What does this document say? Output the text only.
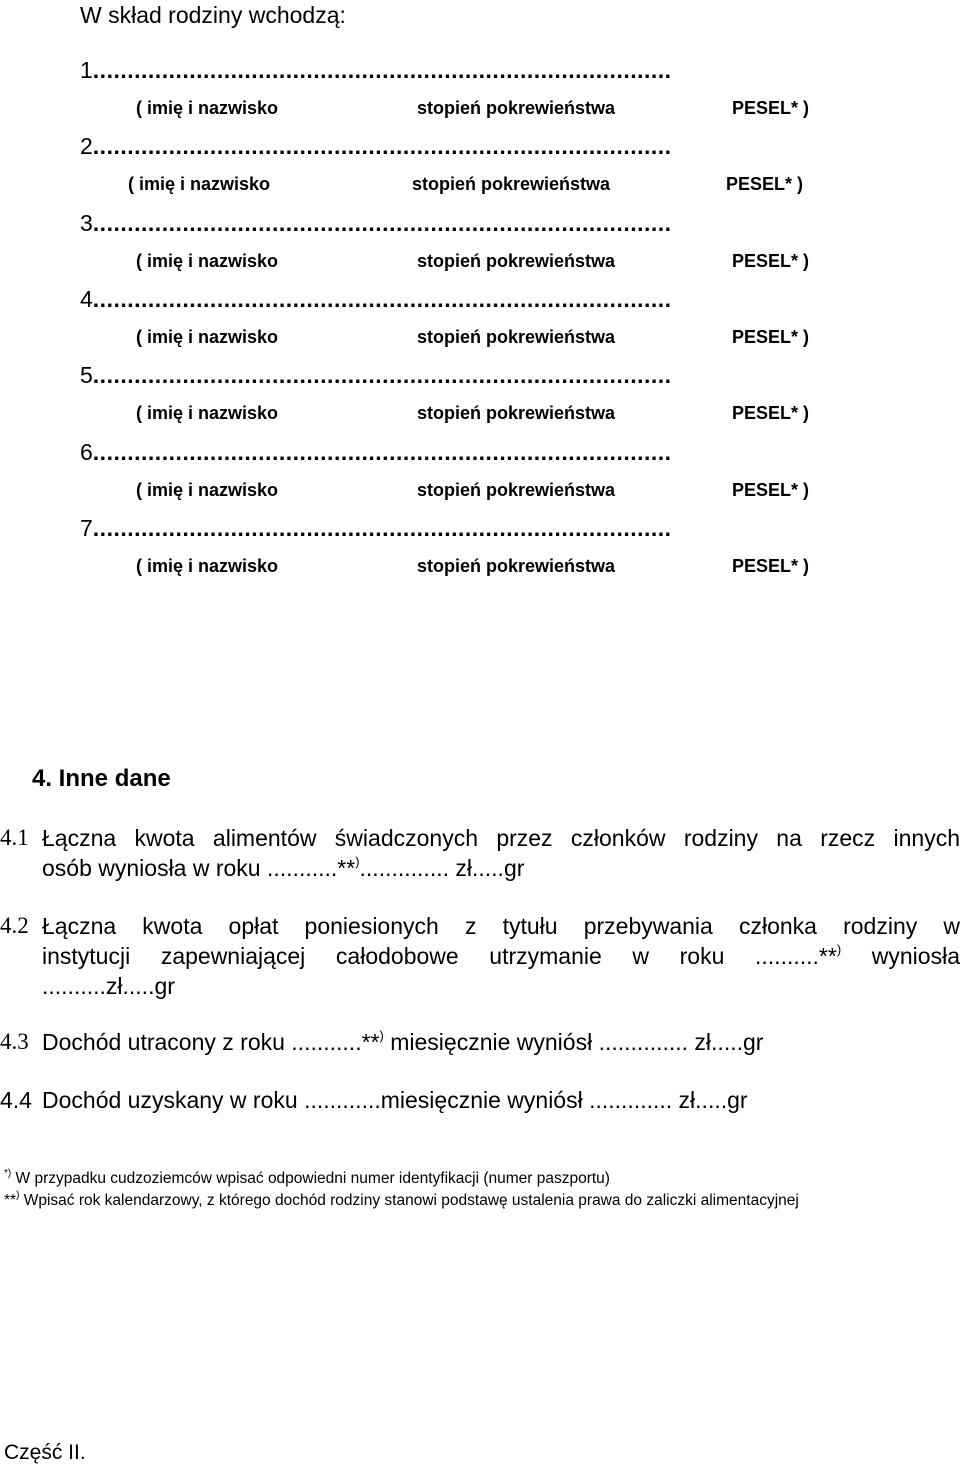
W skład rodziny wchodzą:
1....................................................................................
( imię i nazwisko	stopień pokrewieństwa	PESEL* )
2....................................................................................
( imię i nazwisko	stopień pokrewieństwa	PESEL* )
3....................................................................................
( imię i nazwisko	stopień pokrewieństwa	PESEL* )
4....................................................................................
( imię i nazwisko	stopień pokrewieństwa	PESEL* )
5....................................................................................
( imię i nazwisko	stopień pokrewieństwa	PESEL* )
6....................................................................................
( imię i nazwisko	stopień pokrewieństwa	PESEL* )
7....................................................................................
( imię i nazwisko	stopień pokrewieństwa	PESEL* )
4. Inne dane
4.1 Łączna kwota alimentów świadczonych przez członków rodziny na rzecz innych
osób wyniosła w roku ...........**).............. zł.....gr
4.2 Łączna kwota opłat poniesionych z tytułu przebywania członka rodziny w
instytucji zapewniającej całodobowe utrzymanie w roku ..........**) wyniosła
..........zł.....gr
4.3 Dochód utracony z roku ...........**) miesięcznie wyniósł .............. zł.....gr
4.4 Dochód uzyskany w roku ............miesięcznie wyniósł ............. zł.....gr
*) W przypadku cudzoziemców wpisać odpowiedni numer identyfikacji (numer paszportu)
**) Wpisać rok kalendarzowy, z którego dochód rodziny stanowi podstawę ustalenia prawa do zaliczki alimentacyjnej
Część II.
